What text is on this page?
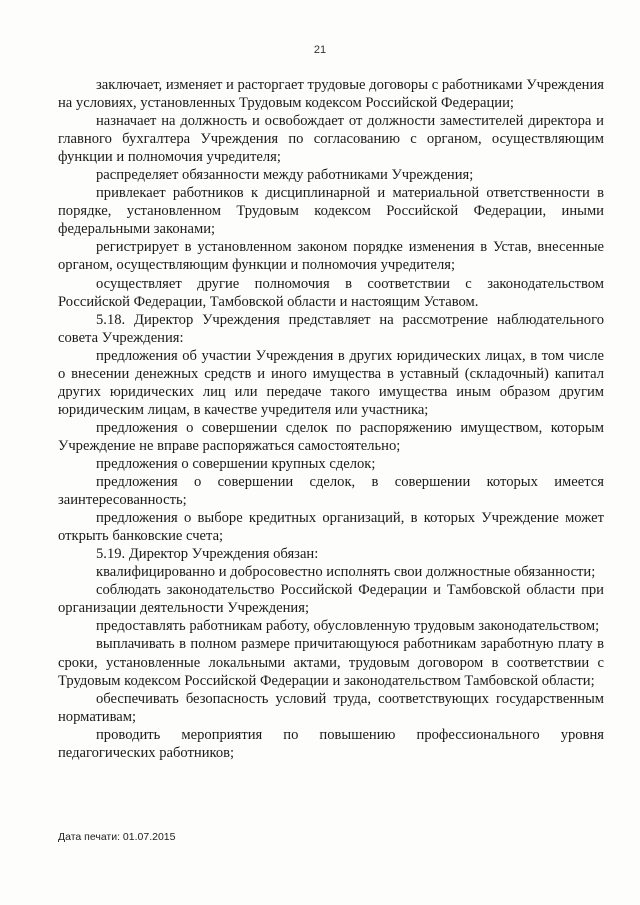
21

заключает, изменяет и расторгает трудовые договоры с работниками Учреждения на условиях, установленных Трудовым кодексом Российской Федерации;

назначает на должность и освобождает от должности заместителей директора и главного бухгалтера Учреждения по согласованию с органом, осуществляющим функции и полномочия учредителя;

распределяет обязанности между работниками Учреждения;

привлекает работников к дисциплинарной и материальной ответственности в порядке, установленном Трудовым кодексом Российской Федерации, иными федеральными законами;

регистрирует в установленном законом порядке изменения в Устав, внесенные органом, осуществляющим функции и полномочия учредителя;

осуществляет другие полномочия в соответствии с законодательством Российской Федерации, Тамбовской области и настоящим Уставом.

5.18. Директор Учреждения представляет на рассмотрение наблюдательного совета Учреждения:

предложения об участии Учреждения в других юридических лицах, в том числе о внесении денежных средств и иного имущества в уставный (складочный) капитал других юридических лиц или передаче такого имущества иным образом другим юридическим лицам, в качестве учредителя или участника;

предложения о совершении сделок по распоряжению имуществом, которым Учреждение не вправе распоряжаться самостоятельно;

предложения о совершении крупных сделок;

предложения о совершении сделок, в совершении которых имеется заинтересованность;

предложения о выборе кредитных организаций, в которых Учреждение может открыть банковские счета;

5.19. Директор Учреждения обязан:

квалифицированно и добросовестно исполнять свои должностные обязанности;

соблюдать законодательство Российской Федерации и Тамбовской области при организации деятельности Учреждения;

предоставлять работникам работу, обусловленную трудовым законодательством;

выплачивать в полном размере причитающуюся работникам заработную плату в сроки, установленные локальными актами, трудовым договором в соответствии с Трудовым кодексом Российской Федерации и законодательством Тамбовской области;

обеспечивать безопасность условий труда, соответствующих государственным нормативам;

проводить мероприятия по повышению профессионального уровня педагогических работников;

Дата печати: 01.07.2015
